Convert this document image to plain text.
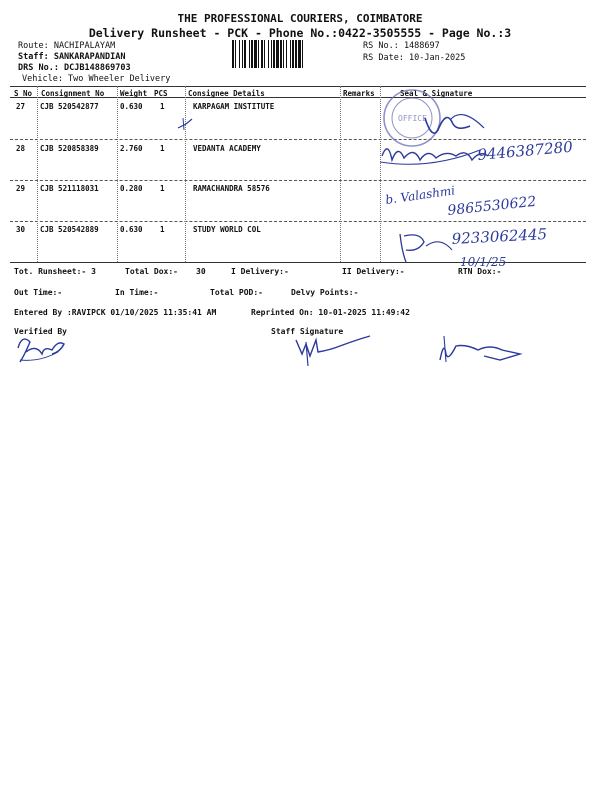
THE PROFESSIONAL COURIERS, COIMBATORE
Delivery Runsheet - PCK - Phone No.:0422-3505555 - Page No.:3
Route: NACHIPALAYAM
Staff: SANKARAPANDIAN
DRS No.: DCJB148869703
Vehicle: Two Wheeler Delivery
RS No.: 1488697
RS Date: 10-Jan-2025
S No Consignment No Weight PCS	Consignee Details	Remarks	Seal & Signature
27 CJB 520542877	0.630 1	KARPAGAM INSTITUTE
28 CJB 520858389	2.760 1	VEDANTA ACADEMY
29 CJB 521118031	0.280 1	RAMACHANDRA 58576
30 CJB 520542889	0.630 1	STUDY WORLD COL
Tot. Runsheet:- 3	Total Dox:- 30	I Delivery:-	II Delivery:-	RTN Dox:-
Out Time:-	In Time:-	Total POD:-	Delvy Points:-
Entered By :RAVIPCK 01/10/2025 11:35:41 AM	Reprinted On: 10-01-2025 11:49:42
Verified By	Staff Signature
OFFICE
9446387280
b. Valashmi
9865530622
9233062445
10/1/25
